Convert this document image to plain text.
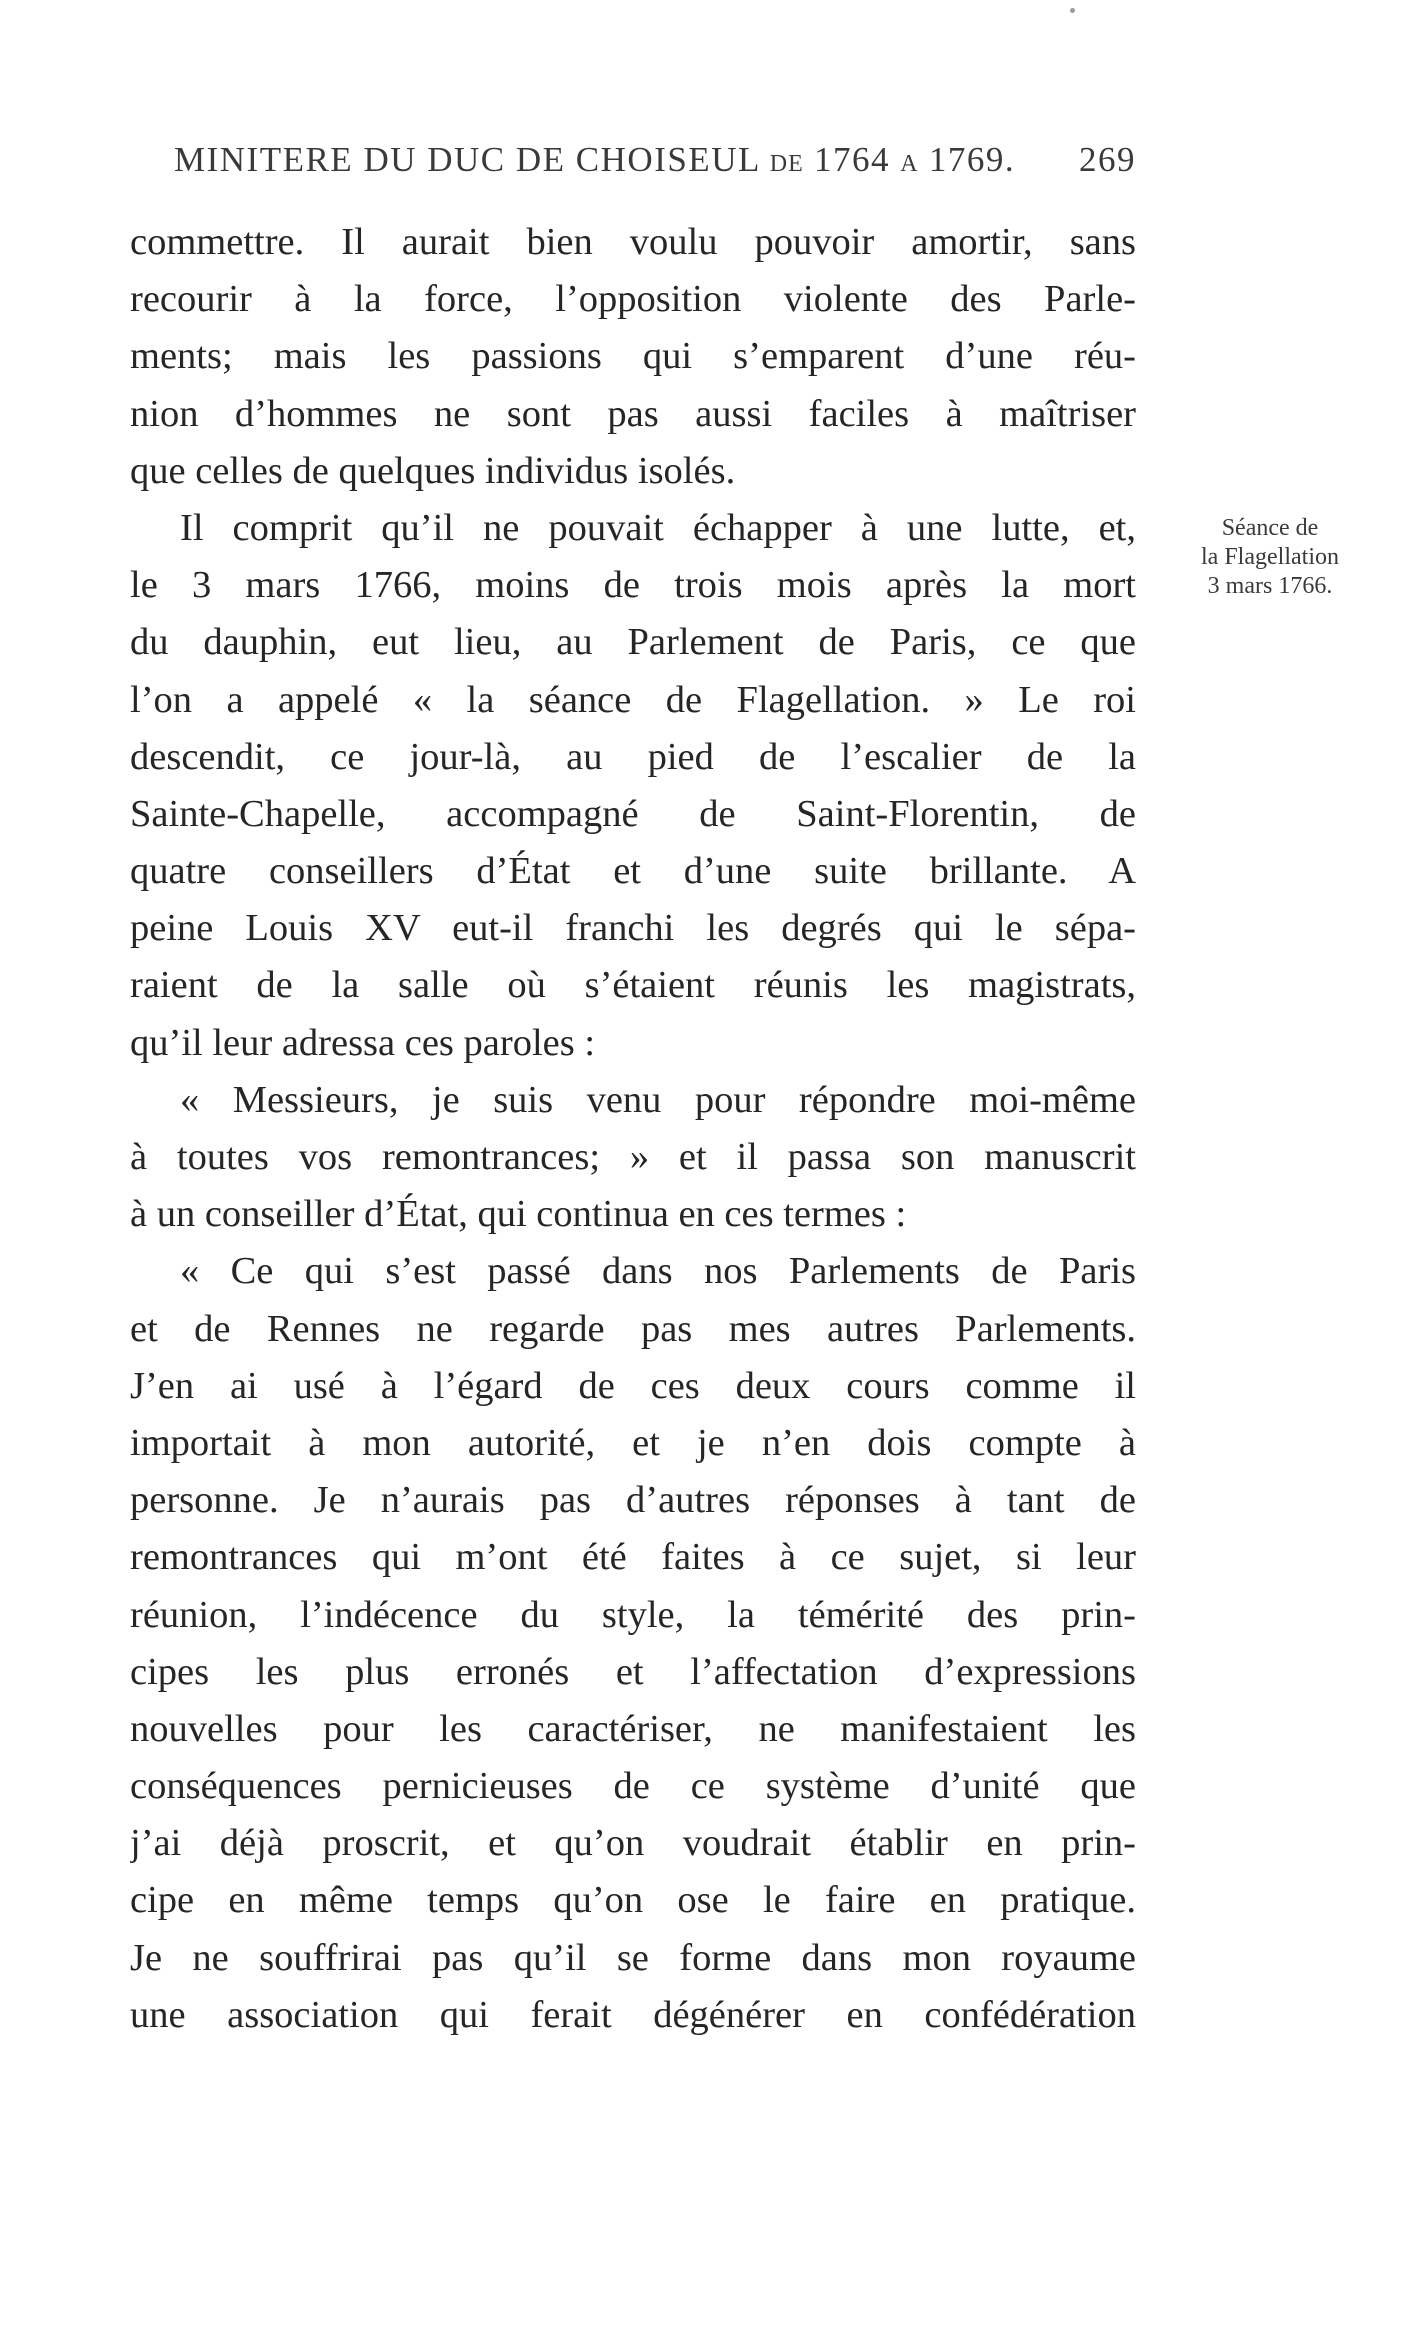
MINITERE DU DUC DE CHOISEUL DE 1764 A 1769. 269
commettre. Il aurait bien voulu pouvoir amortir, sans
recourir à la force, l’opposition violente des Parle-
ments; mais les passions qui s’emparent d’une réu-
nion d’hommes ne sont pas aussi faciles à maîtriser
que celles de quelques individus isolés.
Il comprit qu’il ne pouvait échapper à une lutte, et,
le 3 mars 1766, moins de trois mois après la mort
du dauphin, eut lieu, au Parlement de Paris, ce que
l’on a appelé « la séance de Flagellation. » Le roi
descendit, ce jour-là, au pied de l’escalier de la
Sainte-Chapelle, accompagné de Saint-Florentin, de
quatre conseillers d’État et d’une suite brillante. A
peine Louis XV eut-il franchi les degrés qui le sépa-
raient de la salle où s’étaient réunis les magistrats,
qu’il leur adressa ces paroles :
« Messieurs, je suis venu pour répondre moi-même
à toutes vos remontrances; » et il passa son manuscrit
à un conseiller d’État, qui continua en ces termes :
« Ce qui s’est passé dans nos Parlements de Paris
et de Rennes ne regarde pas mes autres Parlements.
J’en ai usé à l’égard de ces deux cours comme il
importait à mon autorité, et je n’en dois compte à
personne. Je n’aurais pas d’autres réponses à tant de
remontrances qui m’ont été faites à ce sujet, si leur
réunion, l’indécence du style, la témérité des prin-
cipes les plus erronés et l’affectation d’expressions
nouvelles pour les caractériser, ne manifestaient les
conséquences pernicieuses de ce système d’unité que
j’ai déjà proscrit, et qu’on voudrait établir en prin-
cipe en même temps qu’on ose le faire en pratique.
Je ne souffrirai pas qu’il se forme dans mon royaume
une association qui ferait dégénérer en confédération
Séance de
la Flagellation
3 mars 1766.
